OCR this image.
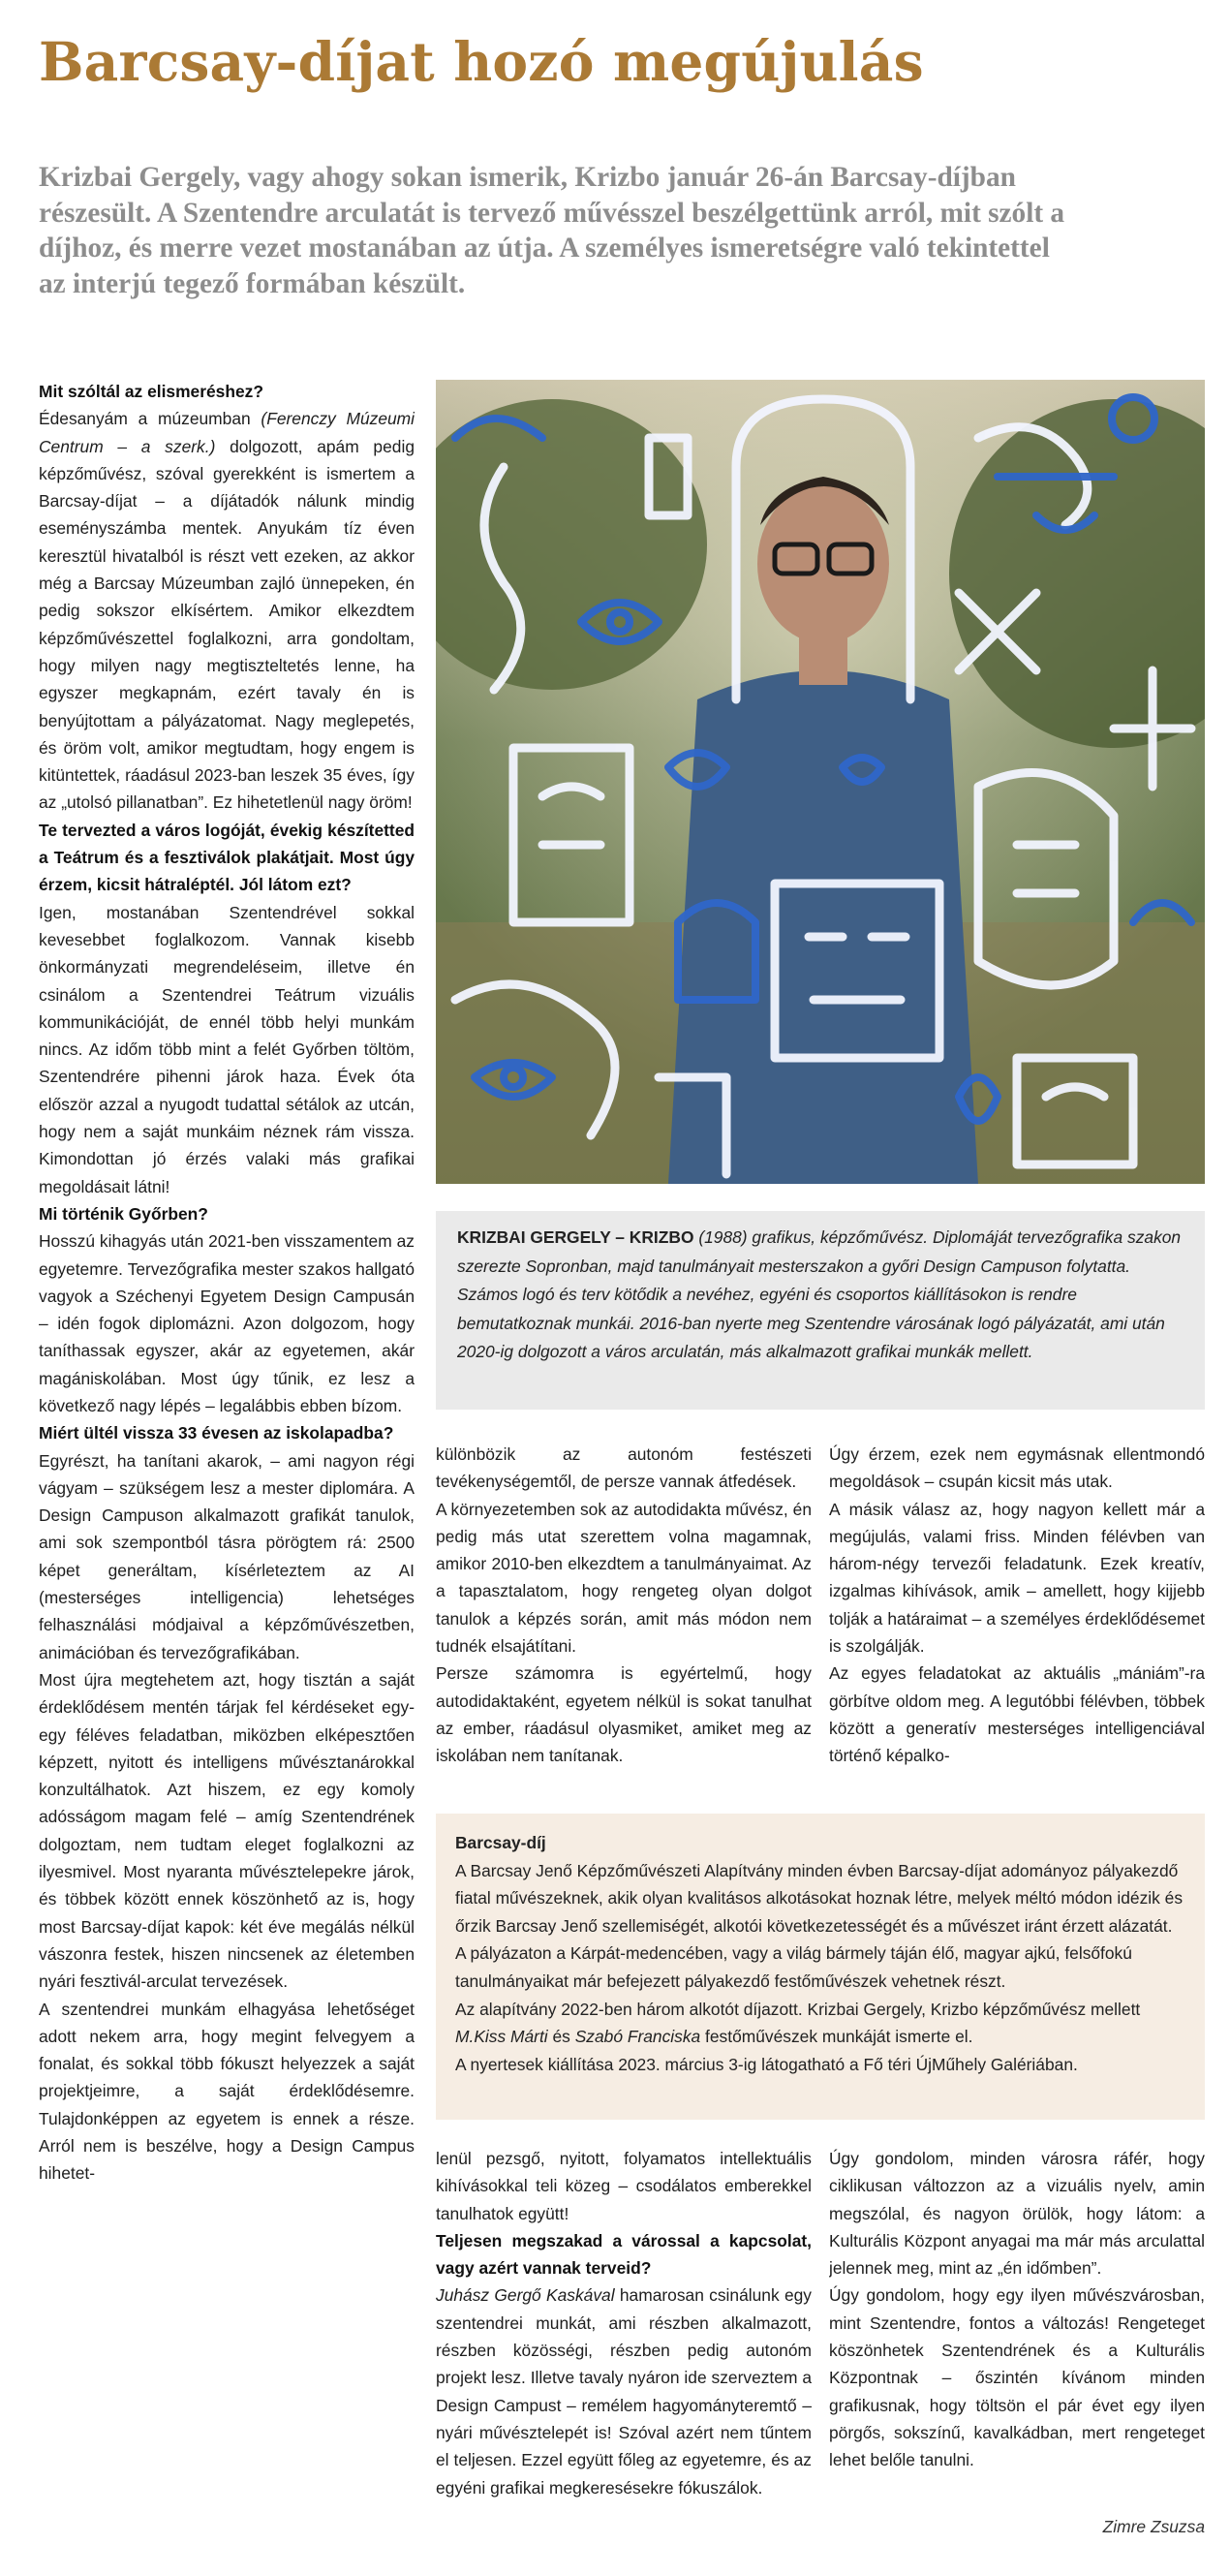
Barcsay-díjat hozó megújulás

Krizbai Gergely, vagy ahogy sokan ismerik, Krizbo január 26-án Barcsay-díjban részesült. A Szentendre arculatát is tervező művésszel beszélgettünk arról, mit szólt a díjhoz, és merre vezet mostanában az útja. A személyes ismeretségre való tekintettel az interjú tegező formában készült.

Mit szóltál az elismeréshez?

Édesanyám a múzeumban (Ferenczy Múzeumi Centrum – a szerk.) dolgozott, apám pedig képzőművész, szóval gyerekként is ismertem a Barcsay-díjat – a díjátadók nálunk mindig eseményszámba mentek. Anyukám tíz éven keresztül hivatalból is részt vett ezeken, az akkor még a Barcsay Múzeumban zajló ünnepeken, én pedig sokszor elkísértem. Amikor elkezdtem képzőművészettel foglalkozni, arra gondoltam, hogy milyen nagy megtiszteltetés lenne, ha egyszer megkapnám, ezért tavaly én is benyújtottam a pályázatomat. Nagy meglepetés, és öröm volt, amikor megtudtam, hogy engem is kitüntettek, ráadásul 2023-ban leszek 35 éves, így az „utolsó pillanatban”. Ez hihetetlenül nagy öröm!

Te tervezted a város logóját, évekig készítetted a Teátrum és a fesztiválok plakátjait. Most úgy érzem, kicsit hátraléptél. Jól látom ezt?

Igen, mostanában Szentendrével sokkal kevesebbet foglalkozom. Vannak kisebb önkormányzati megrendeléseim, illetve én csinálom a Szentendrei Teátrum vizuális kommunikációját, de ennél több helyi munkám nincs. Az időm több mint a felét Győrben töltöm, Szentendrére pihenni járok haza. Évek óta először azzal a nyugodt tudattal sétálok az utcán, hogy nem a saját munkáim néznek rám vissza. Kimondottan jó érzés valaki más grafikai megoldásait látni!

Mi történik Győrben?

Hosszú kihagyás után 2021-ben visszamentem az egyetemre. Tervezőgrafika mester szakos hallgató vagyok a Széchenyi Egyetem Design Campusán – idén fogok diplomázni. Azon dolgozom, hogy taníthassak egyszer, akár az egyetemen, akár magániskolában. Most úgy tűnik, ez lesz a következő nagy lépés – legalábbis ebben bízom.

Miért ültél vissza 33 évesen az iskolapadba?

Egyrészt, ha tanítani akarok, – ami nagyon régi vágyam – szükségem lesz a mester diplomára. A Design Campuson alkalmazott grafikát tanulok, ami sok szempontból tásra pörögtem rá: 2500 képet generáltam, kísérleteztem az AI (mesterséges intelligencia) lehetséges felhasználási módjaival a képzőművészetben, animációban és tervezőgrafikában.

Most újra megtehetem azt, hogy tisztán a saját érdeklődésem mentén tárjak fel kérdéseket egy-egy féléves feladatban, miközben elképesztően képzett, nyitott és intelligens művésztanárokkal konzultálhatok. Azt hiszem, ez egy komoly adósságom magam felé – amíg Szentendrének dolgoztam, nem tudtam eleget foglalkozni az ilyesmivel. Most nyaranta művésztelepekre járok, és többek között ennek köszönhető az is, hogy most Barcsay-díjat kapok: két éve megálás nélkül vászonra festek, hiszen nincsenek az életemben nyári fesztivál-arculat tervezések.

A szentendrei munkám elhagyása lehetőséget adott nekem arra, hogy megint felvegyem a fonalat, és sokkal több fókuszt helyezzek a saját projektjeimre, a saját érdeklődésemre. Tulajdonképpen az egyetem is ennek a része. Arról nem is beszélve, hogy a Design Campus hihetet-

KRIZBAI GERGELY – KRIZBO (1988) grafikus, képzőművész. Diplomáját tervezőgrafika szakon szerezte Sopronban, majd tanulmányait mesterszakon a győri Design Campuson folytatta. Számos logó és terv kötődik a nevéhez, egyéni és csoportos kiállításokon is rendre bemutatkoznak munkái. 2016-ban nyerte meg Szentendre városának logó pályázatát, ami után 2020-ig dolgozott a város arculatán, más alkalmazott grafikai munkák mellett.

különbözik az autonóm festészeti tevékenységemtől, de persze vannak átfedések.

A környezetemben sok az autodidakta művész, én pedig más utat szerettem volna magamnak, amikor 2010-ben elkezdtem a tanulmányaimat. Az a tapasztalatom, hogy rengeteg olyan dolgot tanulok a képzés során, amit más módon nem tudnék elsajátítani.

Persze számomra is egyértelmű, hogy autodidaktaként, egyetem nélkül is sokat tanulhat az ember, ráadásul olyasmiket, amiket meg az iskolában nem tanítanak.

Úgy érzem, ezek nem egymásnak ellentmondó megoldások – csupán kicsit más utak.

A másik válasz az, hogy nagyon kellett már a megújulás, valami friss. Minden félévben van három-négy tervezői feladatunk. Ezek kreatív, izgalmas kihívások, amik – amellett, hogy kijjebb tolják a határaimat – a személyes érdeklődésemet is szolgálják.

Az egyes feladatokat az aktuális „mániám”-ra görbítve oldom meg. A legutóbbi félévben, többek között a generatív mesterséges intelligenciával történő képalko-

Barcsay-díj

A Barcsay Jenő Képzőművészeti Alapítvány minden évben Barcsay-díjat adományoz pályakezdő fiatal művészeknek, akik olyan kvalitásos alkotásokat hoznak létre, melyek méltó módon idézik és őrzik Barcsay Jenő szellemiségét, alkotói következetességét és a művészet iránt érzett alázatát.

A pályázaton a Kárpát-medencében, vagy a világ bármely táján élő, magyar ajkú, felsőfokú tanulmányaikat már befejezett pályakezdő festőművészek vehetnek részt.

Az alapítvány 2022-ben három alkotót díjazott. Krizbai Gergely, Krizbo képzőművész mellett M.Kiss Márti és Szabó Franciska festőművészek munkáját ismerte el.

A nyertesek kiállítása 2023. március 3-ig látogatható a Fő téri ÚjMűhely Galériában.

lenül pezsgő, nyitott, folyamatos intellektuális kihívásokkal teli közeg – csodálatos emberekkel tanulhatok együtt!

Teljesen megszakad a várossal a kapcsolat, vagy azért vannak terveid?

Juhász Gergő Kaskával hamarosan csinálunk egy szentendrei munkát, ami részben alkalmazott, részben közösségi, részben pedig autonóm projekt lesz. Illetve tavaly nyáron ide szerveztem a Design Campust – remélem hagyományteremtő – nyári művésztelepét is! Szóval azért nem tűntem el teljesen. Ezzel együtt főleg az egyetemre, és az egyéni grafikai megkeresésekre fókuszálok.

Úgy gondolom, minden városra ráfér, hogy ciklikusan változzon az a vizuális nyelv, amin megszólal, és nagyon örülök, hogy látom: a Kulturális Központ anyagai ma már más arculattal jelennek meg, mint az „én időmben”.

Úgy gondolom, hogy egy ilyen művészvárosban, mint Szentendre, fontos a változás! Rengeteget köszönhetek Szentendrének és a Kulturális Központnak – őszintén kívánom minden grafikusnak, hogy töltsön el pár évet egy ilyen pörgős, sokszínű, kavalkádban, mert rengeteget lehet belőle tanulni.

Zimre Zsuzsa
